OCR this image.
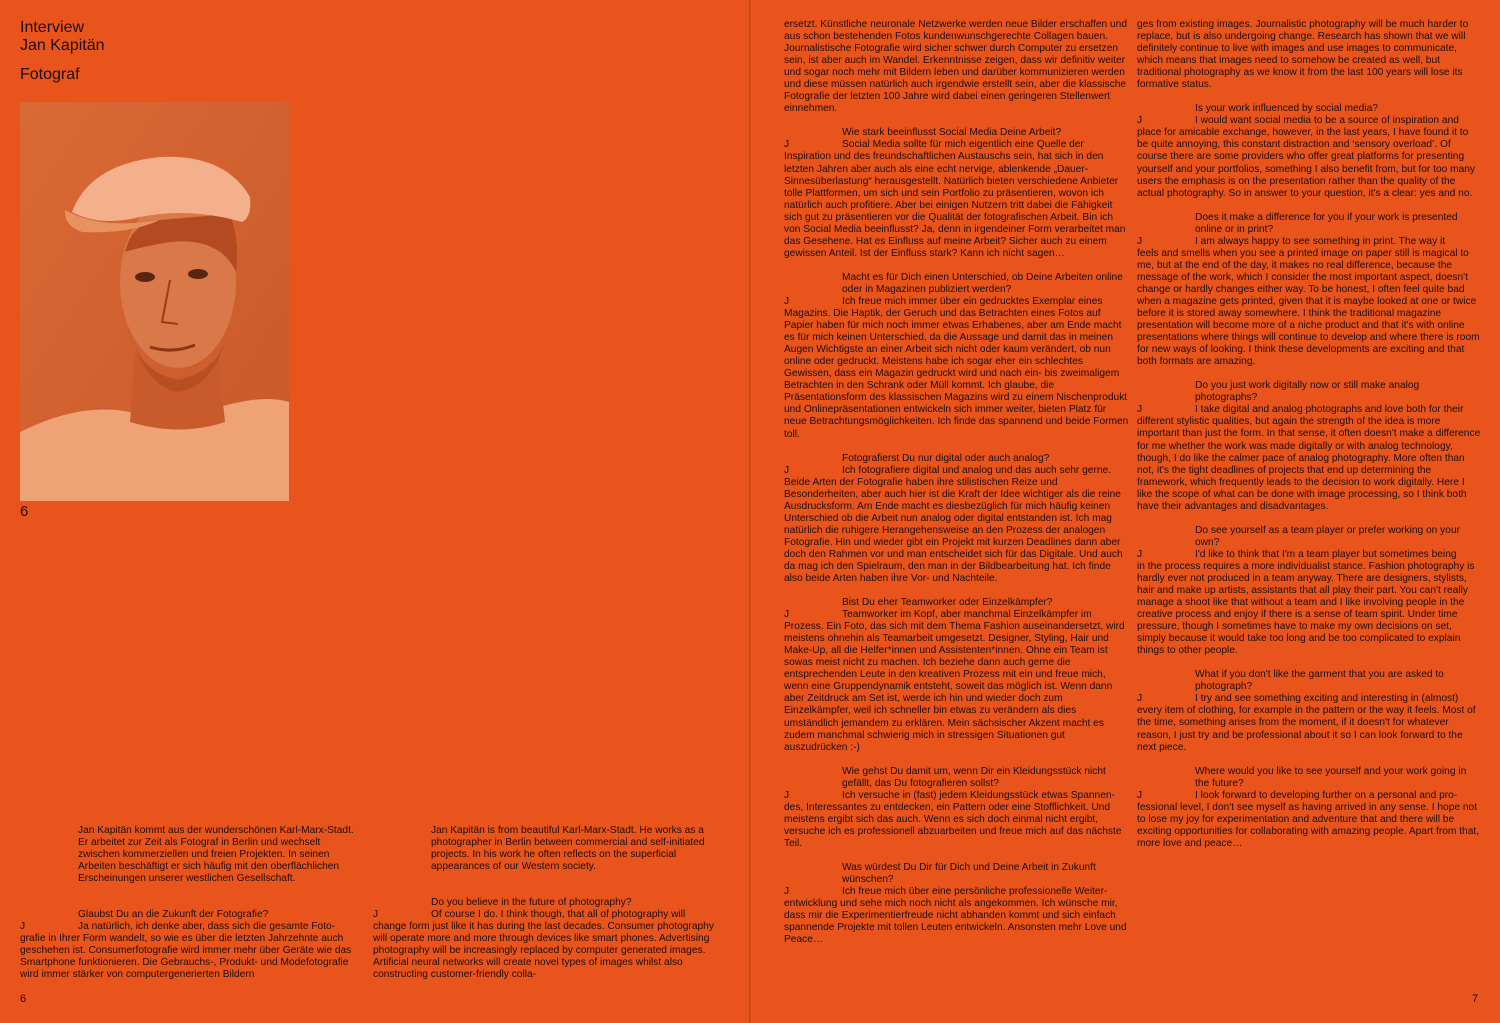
Interview
Jan Kapitän
Fotograf
6

Jan Kapitän kommt aus der wunderschönen Karl-Marx-Stadt. Er arbeitet zur Zeit als Fotograf in Berlin und wechselt zwischen kommerziellen und freien Projekten. In seinen Arbeiten beschäftigt er sich häufig mit den oberflächlichen Erscheinungen unserer westlichen Gesellschaft.

Glaubst Du an die Zukunft der Fotografie?

J	Ja natürlich, ich denke aber, dass sich die gesamte Foto-
grafie in Ihrer Form wandelt, so wie es über die letzten Jahrzehnte auch geschehen ist. Consumerfotografie wird immer mehr über Geräte wie das Smartphone funktionieren. Die Gebrauchs-, Produkt- und Modefotografie wird immer stärker von computergenerierten Bildern

Jan Kapitän is from beautiful Karl-Marx-Stadt. He works as a photographer in Berlin between commercial and self-initiated projects. In his work he often reflects on the superficial appearances of our Western society.

Do you believe in the future of photography?

J	Of course I do. I think though, that all of photography will
change form just like it has during the last decades. Consumer photography will operate more and more through devices like smart phones. Advertising photography will be increasingly replaced by computer generated images. Artificial neural networks will create novel types of images whilst also constructing customer-friendly colla-

ersetzt. Künstliche neuronale Netzwerke werden neue Bilder erschaffen und aus schon bestehenden Fotos kundenwunschgerechte Collagen bauen. Journalistische Fotografie wird sicher schwer durch Computer zu ersetzen sein, ist aber auch im Wandel. Erkenntnisse zeigen, dass wir definitiv weiter und sogar noch mehr mit Bildern leben und darüber kommunizieren werden und diese müssen natürlich auch irgendwie erstellt sein, aber die klassische Fotografie der letzten 100 Jahre wird dabei einen geringeren Stellenwert einnehmen.

Wie stark beeinflusst Social Media Deine Arbeit?

J	Social Media sollte für mich eigentlich eine Quelle der
Inspiration und des freundschaftlichen Austauschs sein, hat sich in den letzten Jahren aber auch als eine echt nervige, ablenkende „Dauer-Sinnesüberlastung“ herausgestellt. Natürlich bieten verschiedene Anbieter tolle Plattformen, um sich und sein Portfolio zu präsentieren, wovon ich natürlich auch profitiere. Aber bei einigen Nutzern tritt dabei die Fähigkeit sich gut zu präsentieren vor die Qualität der fotografischen Arbeit. Bin ich von Social Media beeinflusst? Ja, denn in irgendeiner Form verarbeitet man das Gesehene. Hat es Einfluss auf meine Arbeit? Sicher auch zu einem gewissen Anteil. Ist der Einfluss stark? Kann ich nicht sagen…

Macht es für Dich einen Unterschied, ob Deine Arbeiten online oder in Magazinen publiziert werden?

J	Ich freue mich immer über ein gedrucktes Exemplar eines
Magazins. Die Haptik, der Geruch und das Betrachten eines Fotos auf Papier haben für mich noch immer etwas Erhabenes, aber am Ende macht es für mich keinen Unterschied, da die Aussage und damit das in meinen Augen Wichtigste an einer Arbeit sich nicht oder kaum verändert, ob nun online oder gedruckt. Meistens habe ich sogar eher ein schlechtes Gewissen, dass ein Magazin gedruckt wird und nach ein- bis zweimaligem Betrachten in den Schrank oder Müll kommt. Ich glaube, die Präsentationsform des klassischen Magazins wird zu einem Nischenprodukt und Onlinepräsentationen entwickeln sich immer weiter, bieten Platz für neue Betrachtungsmöglichkeiten. Ich finde das spannend und beide Formen toll.

Fotografierst Du nur digital oder auch analog?

J	Ich fotografiere digital und analog und das auch sehr gerne.
Beide Arten der Fotografie haben ihre stilistischen Reize und Besonderheiten, aber auch hier ist die Kraft der Idee wichtiger als die reine Ausdrucksform. Am Ende macht es diesbezüglich für mich häufig keinen Unterschied ob die Arbeit nun analog oder digital entstanden ist. Ich mag natürlich die ruhigere Herangehensweise an den Prozess der analogen Fotografie. Hin und wieder gibt ein Projekt mit kurzen Deadlines dann aber doch den Rahmen vor und man entscheidet sich für das Digitale. Und auch da mag ich den Spielraum, den man in der Bildbearbeitung hat. Ich finde also beide Arten haben ihre Vor- und Nachteile.

Bist Du eher Teamworker oder Einzelkämpfer?

J	Teamworker im Kopf, aber manchmal Einzelkämpfer im
Prozess. Ein Foto, das sich mit dem Thema Fashion auseinandersetzt, wird meistens ohnehin als Teamarbeit umgesetzt. Designer, Styling, Hair und Make-Up, all die Helfer*innen und Assistenten*innen. Ohne ein Team ist sowas meist nicht zu machen. Ich beziehe dann auch gerne die entsprechenden Leute in den kreativen Prozess mit ein und freue mich, wenn eine Gruppendynamik entsteht, soweit das möglich ist. Wenn dann aber Zeitdruck am Set ist, werde ich hin und wieder doch zum Einzelkämpfer, weil ich schneller bin etwas zu verändern als dies umständlich jemandem zu erklären. Mein sächsischer Akzent macht es zudem manchmal schwierig mich in stressigen Situationen gut auszudrücken :-)

Wie gehst Du damit um, wenn Dir ein Kleidungsstück nicht gefällt, das Du fotografieren sollst?

J	Ich versuche in (fast) jedem Kleidungsstück etwas Spannen-
des, Interessantes zu entdecken, ein Pattern oder eine Stofflichkeit. Und meistens ergibt sich das auch. Wenn es sich doch einmal nicht ergibt, versuche ich es professionell abzuarbeiten und freue mich auf das nächste Teil.

Was würdest Du Dir für Dich und Deine Arbeit in Zukunft wünschen?

J	Ich freue mich über eine persönliche professionelle Weiter-
entwicklung und sehe mich noch nicht als angekommen. Ich wünsche mir, dass mir die Experimentierfreude nicht abhanden kommt und sich einfach spannende Projekte mit tollen Leuten entwickeln. Ansonsten mehr Love und Peace…

ges from existing images. Journalistic photography will be much harder to replace, but is also undergoing change. Research has shown that we will definitely continue to live with images and use images to communicate, which means that images need to somehow be created as well, but traditional photography as we know it from the last 100 years will lose its formative status.

Is your work influenced by social media?

J	I would want social media to be a source of inspiration and
place for amicable exchange, however, in the last years, I have found it to be quite annoying, this constant distraction and ‘sensory overload’. Of course there are some providers who offer great platforms for presenting yourself and your portfolios, something I also benefit from, but for too many users the emphasis is on the presentation rather than the quality of the actual photography. So in answer to your question, it's a clear: yes and no.

Does it make a difference for you if your work is presented online or in print?

J	I am always happy to see something in print. The way it
feels and smells when you see a printed image on paper still is magical to me, but at the end of the day, it makes no real difference, because the message of the work, which I consider the most important aspect, doesn't change or hardly changes either way. To be honest, I often feel quite bad when a magazine gets printed, given that it is maybe looked at one or twice before it is stored away somewhere. I think the traditional magazine presentation will become more of a niche product and that it's with online presentations where things will continue to develop and where there is room for new ways of looking. I think these developments are exciting and that both formats are amazing.

Do you just work digitally now or still make analog photographs?

J	I take digital and analog photographs and love both for their
different stylistic qualities, but again the strength of the idea is more important than just the form. In that sense, it often doesn't make a difference for me whether the work was made digitally or with analog technology, though, I do like the calmer pace of analog photography. More often than not, it's the tight deadlines of projects that end up determining the framework, which frequently leads to the decision to work digitally. Here I like the scope of what can be done with image processing, so I think both have their advantages and disadvantages.

Do see yourself as a team player or prefer working on your own?

J	I'd like to think that I'm a team player but sometimes being
in the process requires a more individualist stance. Fashion photography is hardly ever not produced in a team anyway. There are designers, stylists, hair and make up artists, assistants that all play their part. You can't really manage a shoot like that without a team and I like involving people in the creative process and enjoy if there is a sense of team spirit. Under time pressure, though I sometimes have to make my own decisions on set, simply because it would take too long and be too complicated to explain things to other people.

What if you don't like the garment that you are asked to photograph?

J	I try and see something exciting and interesting in (almost)
every item of clothing, for example in the pattern or the way it feels. Most of the time, something arises from the moment, if it doesn't for whatever reason, I just try and be professional about it so I can look forward to the next piece.

Where would you like to see yourself and your work going in the future?

J	I look forward to developing further on a personal and pro-
fessional level, I don't see myself as having arrived in any sense. I hope not to lose my joy for experimentation and adventure that and there will be exciting opportunities for collaborating with amazing people. Apart from that, more love and peace…

6	7
